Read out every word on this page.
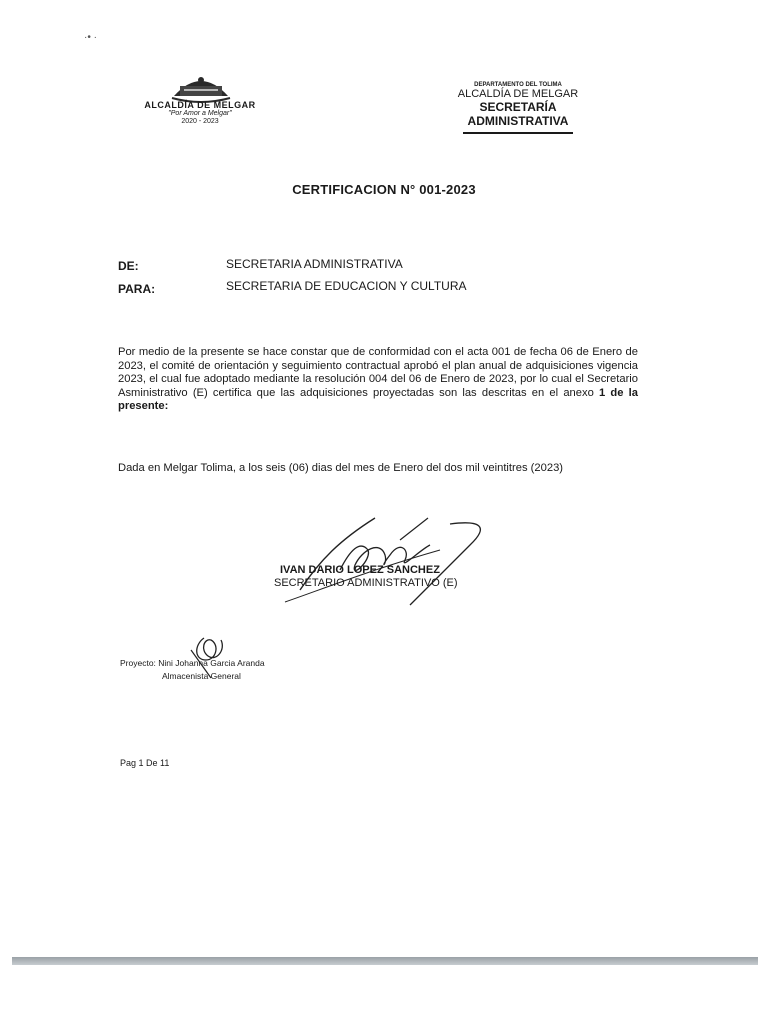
·• ·
ALCALDÍA DE MELGAR
"Por Amor a Melgar"
2020 - 2023
DEPARTAMENTO DEL TOLIMA
ALCALDÍA DE MELGAR
SECRETARÍA ADMINISTRATIVA
CERTIFICACION N° 001-2023
DE:	SECRETARIA ADMINISTRATIVA
PARA:	SECRETARIA DE EDUCACION Y CULTURA
Por medio de la presente se hace constar que de conformidad con el acta 001 de fecha 06 de Enero de 2023, el comité de orientación y seguimiento contractual aprobó el plan anual de adquisiciones vigencia 2023, el cual fue adoptado mediante la resolución 004 del 06 de Enero de 2023, por lo cual el Secretario Asministrativo (E) certifica que las adquisiciones proyectadas son las descritas en el anexo 1 de la presente:
Dada en Melgar Tolima, a los seis (06) dias del mes de Enero del dos mil veintitres (2023)
IVAN DARIO LOPEZ SANCHEZ
SECRETARIO ADMINISTRATIVO (E)
Proyecto: Nini Johanna Garcia Aranda
Almacenista General
Pag 1 De 11
